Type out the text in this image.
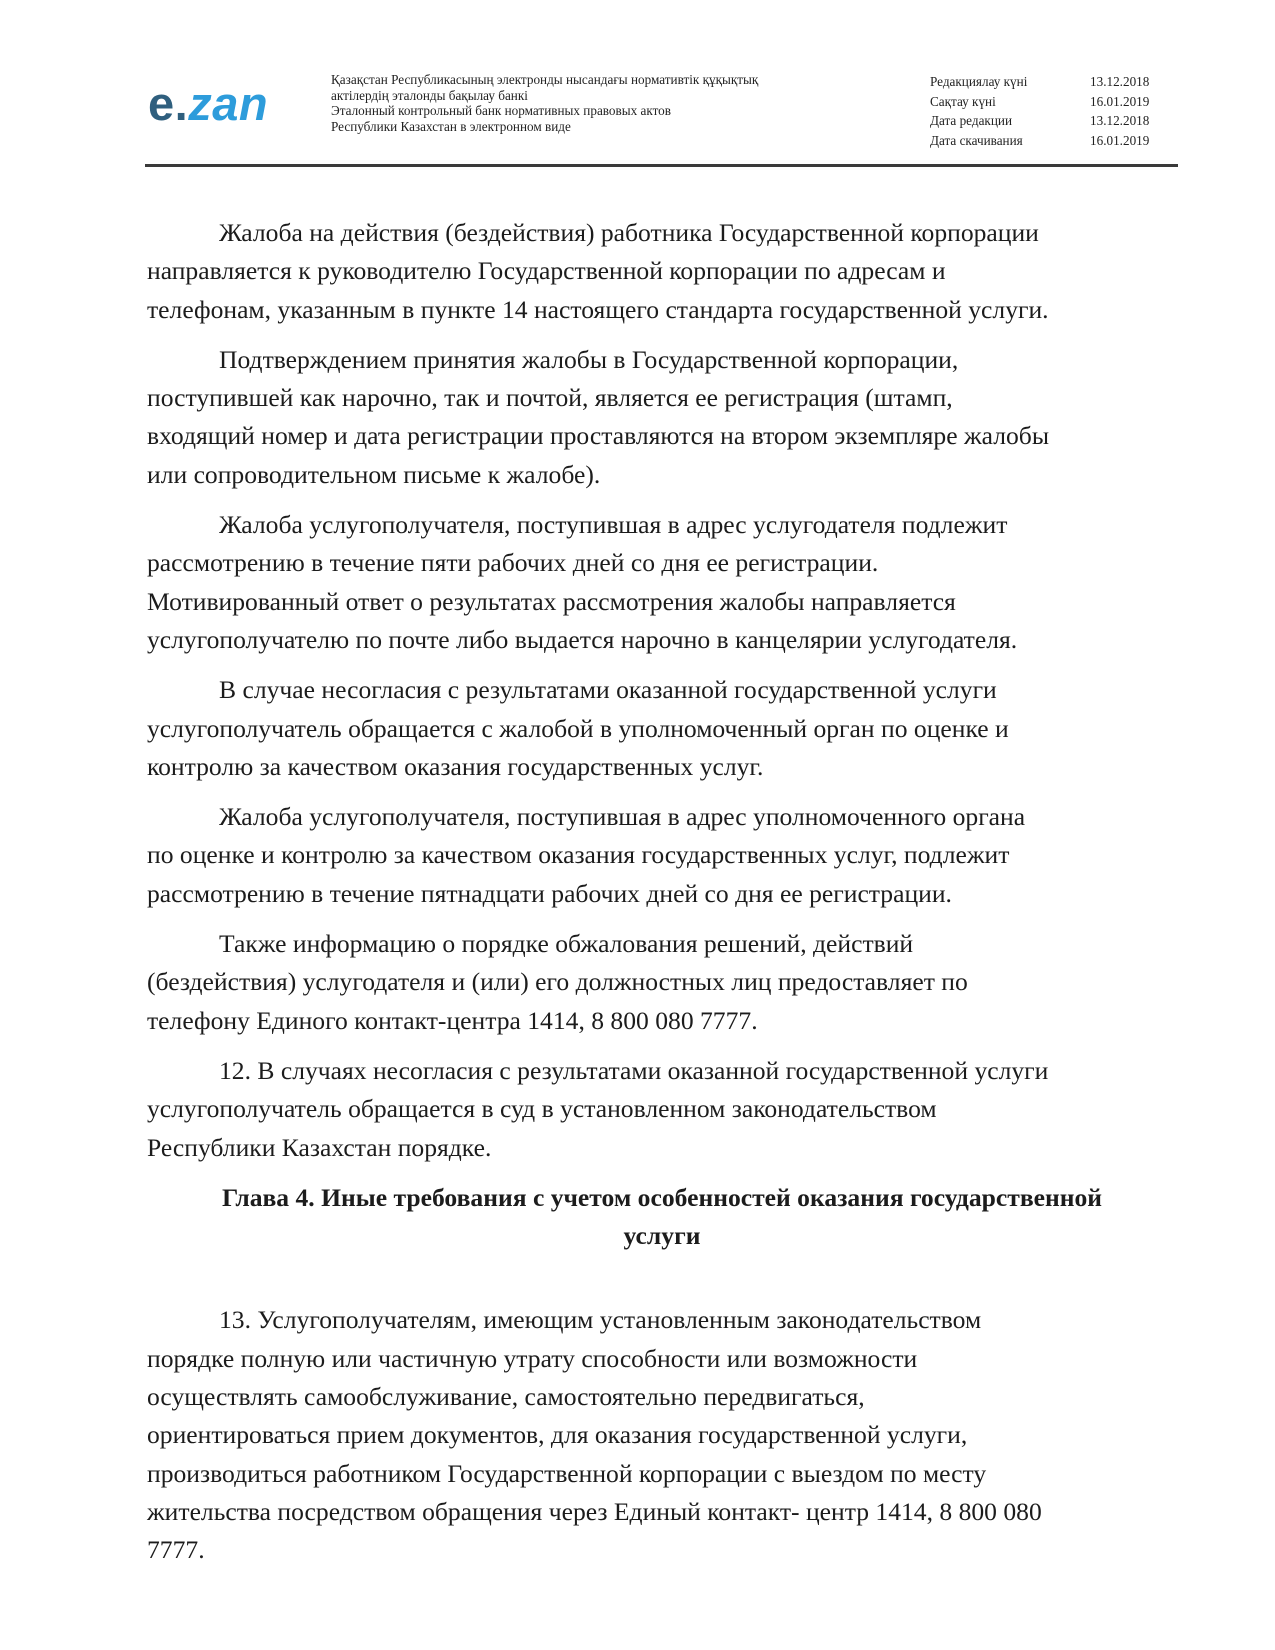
e.zan	Қазақстан Республикасының электронды нысандағы нормативтік құқықтық
актілердің эталонды бақылау банкі
Эталонный контрольный банк нормативных правовых актов
Республики Казахстан в электронном виде
Редакциялау күні	13.12.2018
Сақтау күні	16.01.2019
Дата редакции	13.12.2018
Дата скачивания	16.01.2019

Жалоба на действия (бездействия) работника Государственной корпорации
направляется к руководителю Государственной корпорации по адресам и
телефонам, указанным в пункте 14 настоящего стандарта государственной услуги.

Подтверждением принятия жалобы в Государственной корпорации,
поступившей как нарочно, так и почтой, является ее регистрация (штамп,
входящий номер и дата регистрации проставляются на втором экземпляре жалобы
или сопроводительном письме к жалобе).

Жалоба услугополучателя, поступившая в адрес услугодателя подлежит
рассмотрению в течение пяти рабочих дней со дня ее регистрации.
Мотивированный ответ о результатах рассмотрения жалобы направляется
услугополучателю по почте либо выдается нарочно в канцелярии услугодателя.

В случае несогласия с результатами оказанной государственной услуги
услугополучатель обращается с жалобой в уполномоченный орган по оценке и
контролю за качеством оказания государственных услуг.

Жалоба услугополучателя, поступившая в адрес уполномоченного органа
по оценке и контролю за качеством оказания государственных услуг, подлежит
рассмотрению в течение пятнадцати рабочих дней со дня ее регистрации.

Также информацию о порядке обжалования решений, действий
(бездействия) услугодателя и (или) его должностных лиц предоставляет по
телефону Единого контакт-центра 1414, 8 800 080 7777.

12. В случаях несогласия с результатами оказанной государственной услуги
услугополучатель обращается в суд в установленном законодательством
Республики Казахстан порядке.

Глава 4. Иные требования с учетом особенностей оказания государственной
услуги

13. Услугополучателям, имеющим установленным законодательством
порядке полную или частичную утрату способности или возможности
осуществлять самообслуживание, самостоятельно передвигаться,
ориентироваться прием документов, для оказания государственной услуги,
производиться работником Государственной корпорации с выездом по месту
жительства посредством обращения через Единый контакт- центр 1414, 8 800 080
7777.
